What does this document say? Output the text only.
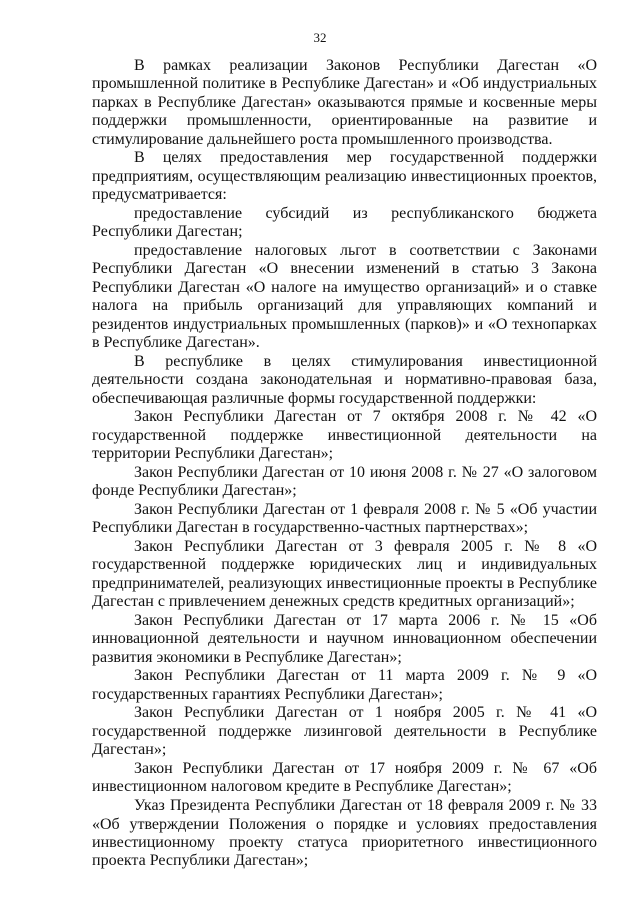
32

В рамках реализации Законов Республики Дагестан «О промышленной политике в Республике Дагестан» и «Об индустриальных парках в Республике Дагестан» оказываются прямые и косвенные меры поддержки промышленности, ориентированные на развитие и стимулирование дальнейшего роста промышленного производства.

В целях предоставления мер государственной поддержки предприятиям, осуществляющим реализацию инвестиционных проектов, предусматривается:

предоставление субсидий из республиканского бюджета Республики Дагестан;

предоставление налоговых льгот в соответствии с Законами Республики Дагестан «О внесении изменений в статью 3 Закона Республики Дагестан «О налоге на имущество организаций» и о ставке налога на прибыль организаций для управляющих компаний и резидентов индустриальных промышленных (парков)» и «О технопарках в Республике Дагестан».

В республике в целях стимулирования инвестиционной деятельности создана законодательная и нормативно-правовая база, обеспечивающая различные формы государственной поддержки:

Закон Республики Дагестан от 7 октября 2008 г. № 42 «О государственной поддержке инвестиционной деятельности на территории Республики Дагестан»;

Закон Республики Дагестан от 10 июня 2008 г. № 27 «О залоговом фонде Республики Дагестан»;

Закон Республики Дагестан от 1 февраля 2008 г. № 5 «Об участии Республики Дагестан в государственно-частных партнерствах»;

Закон Республики Дагестан от 3 февраля 2005 г. № 8 «О государственной поддержке юридических лиц и индивидуальных предпринимателей, реализующих инвестиционные проекты в Республике Дагестан с привлечением денежных средств кредитных организаций»;

Закон Республики Дагестан от 17 марта 2006 г. № 15 «Об инновационной деятельности и научном инновационном обеспечении развития экономики в Республике Дагестан»;

Закон Республики Дагестан от 11 марта 2009 г. № 9 «О государственных гарантиях Республики Дагестан»;

Закон Республики Дагестан от 1 ноября 2005 г. № 41 «О государственной поддержке лизинговой деятельности в Республике Дагестан»;

Закон Республики Дагестан от 17 ноября 2009 г. № 67 «Об инвестиционном налоговом кредите в Республике Дагестан»;

Указ Президента Республики Дагестан от 18 февраля 2009 г. № 33 «Об утверждении Положения о порядке и условиях предоставления инвестиционному проекту статуса приоритетного инвестиционного проекта Республики Дагестан»;
